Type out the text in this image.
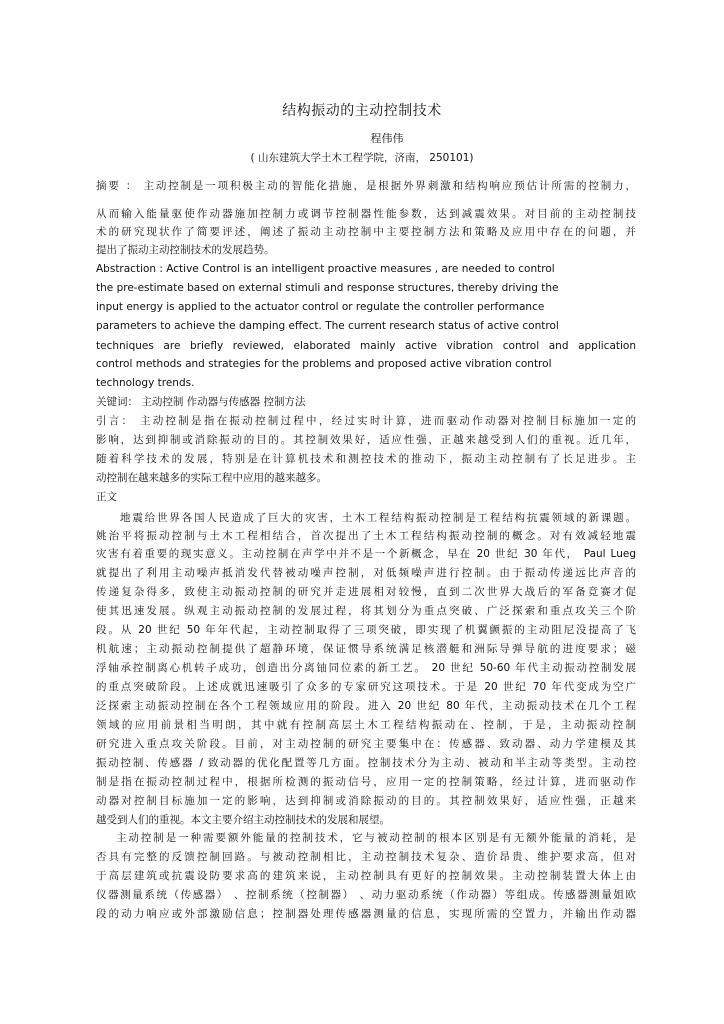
结构振动的主动控制技术
程伟伟
( 山东建筑大学土木工程学院，济南， 250101)
摘要 ： 主动控制是一项积极主动的智能化措施，是根据外界刺激和结构响应预估计所需的控制力，
从而输入能量驱使作动器施加控制力或调节控制器性能参数，达到减震效果。对目前的主动控制技
术的研究现状作了简要评述，阐述了振动主动控制中主要控制方法和策略及应用中存在的问题，并
提出了振动主动控制技术的发展趋势。
Abstraction : Active Control is an intelligent proactive measures , are needed to control
the pre-estimate based on external stimuli and response structures, thereby driving the
input energy is applied to the actuator control or regulate the controller performance
parameters to achieve the damping effect. The current research status of active control
techniques are briefly reviewed, elaborated mainly active vibration control and application
control methods and strategies for the problems and proposed active vibration control
technology trends.
关键词： 主动控制 作动器与传感器 控制方法
引言： 主动控制是指在振动控制过程中，经过实时计算，进而驱动作动器对控制目标施加一定的
影响，达到抑制或消除振动的目的。其控制效果好，适应性强，正越来越受到人们的重视。近几年，
随着科学技术的发展，特别是在计算机技术和测控技术的推动下，振动主动控制有了长足进步。主
动控制在越来越多的实际工程中应用的越来越多。
正文
地震给世界各国人民造成了巨大的灾害，土木工程结构振动控制是工程结构抗震领域的新课题。
姚治平将振动控制与土木工程相结合，首次提出了土木工程结构振动控制的概念。对有效减轻地震
灾害有着重要的现实意义。主动控制在声学中并不是一个新概念，早在 20 世纪 30 年代， Paul Lueg
就提出了利用主动噪声抵消发代替被动噪声控制，对低频噪声进行控制。由于振动传递远比声音的
传递复杂得多，致使主动振动控制的研究并走进展相对较慢，直到二次世界大战后的军备竞赛才促
使其迅速发展。纵观主动振动控制的发展过程，将其划分为重点突破、广泛探索和重点攻关三个阶
段。从 20 世纪 50 年年代起，主动控制取得了三项突破，即实现了机翼颤振的主动阻尼没提高了飞
机航速；主动振动控制提供了超静环境，保证惯导系统满足核潜艇和洲际导弹导航的进度要求；磁
浮轴承控制离心机转子成功，创造出分离铀同位素的新工艺。 20 世纪 50-60 年代主动振动控制发展
的重点突破阶段。上述成就迅速吸引了众多的专家研究这项技术。于是 20 世纪 70 年代变成为空广
泛探索主动振动控制在各个工程领域应用的阶段。进入 20 世纪 80 年代，主动振动技术在几个工程
领域的应用前景相当明朗，其中就有控制高层土木工程结构振动在、控制，于是，主动振动控制
研究进入重点攻关阶段。目前，对主动控制的研究主要集中在：传感器、致动器、动力学建模及其
振动控制、传感器 / 致动器的优化配置等几方面。控制技术分为主动、被动和半主动等类型。主动控
制是指在振动控制过程中，根据所检测的振动信号，应用一定的控制策略，经过计算，进而驱动作
动器对控制目标施加一定的影响，达到抑制或消除振动的目的。其控制效果好，适应性强，正越来
越受到人们的重视。本文主要介绍主动控制技术的发展和展望。
主动控制是一种需要额外能量的控制技术，它与被动控制的根本区别是有无额外能量的消耗，是
否具有完整的反馈控制回路。与被动控制相比，主动控制技术复杂、造价昂贵、维护要求高，但对
于高层建筑或抗震设防要求高的建筑来说，主动控制具有更好的控制效果。主动控制装置大体上由
仪器测量系统（传感器） 、控制系统（控制器） 、动力驱动系统（作动器）等组成。传感器测量姐欧
段的动力响应或外部激励信息；控制器处理传感器测量的信息，实现所需的空置力，并输出作动器
